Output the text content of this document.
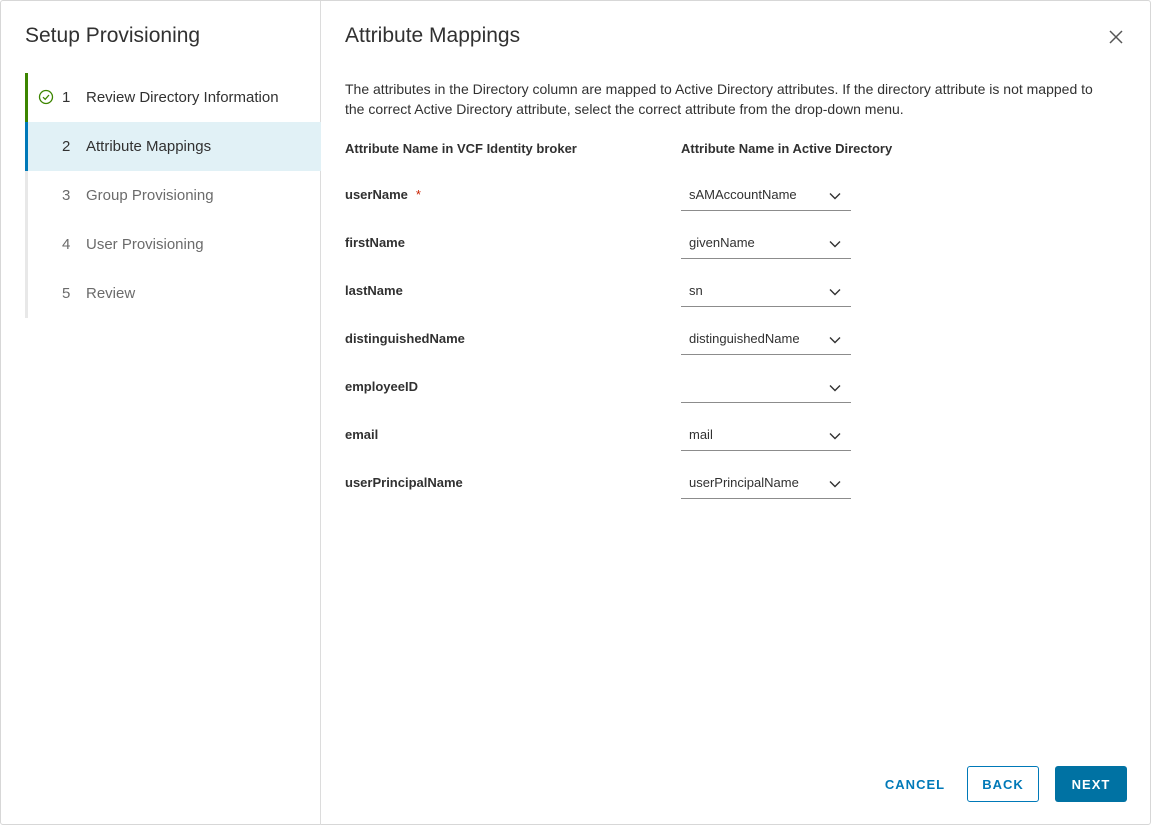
Setup Provisioning
1 Review Directory Information
2 Attribute Mappings
3 Group Provisioning
4 User Provisioning
5 Review
Attribute Mappings
The attributes in the Directory column are mapped to Active Directory attributes. If the directory attribute is not mapped to the correct Active Directory attribute, select the correct attribute from the drop-down menu.
Attribute Name in VCF Identity broker	Attribute Name in Active Directory
userName *	sAMAccountName
firstName	givenName
lastName	sn
distinguishedName	distinguishedName
employeeID
email	mail
userPrincipalName	userPrincipalName
CANCEL	BACK	NEXT
